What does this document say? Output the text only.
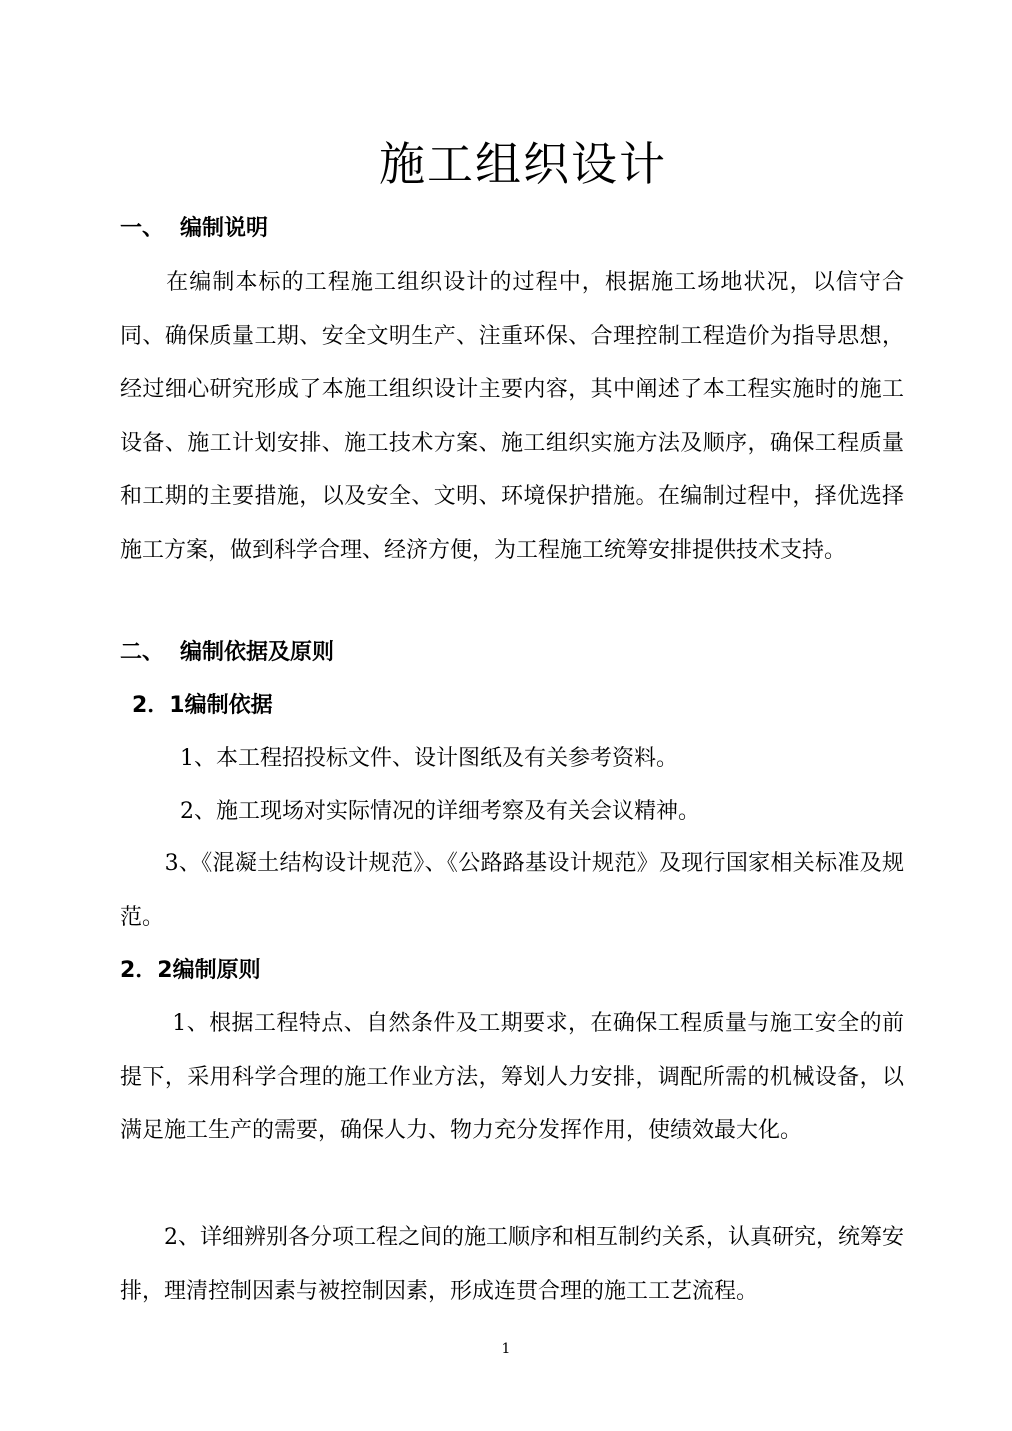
施工组织设计
一、 编制说明
　　在编制本标的工程施工组织设计的过程中，根据施工场地状况，以信守合同、确保质量工期、安全文明生产、注重环保、合理控制工程造价为指导思想，经过细心研究形成了本施工组织设计主要内容，其中阐述了本工程实施时的施工设备、施工计划安排、施工技术方案、施工组织实施方法及顺序，确保工程质量和工期的主要措施，以及安全、文明、环境保护措施。在编制过程中，择优选择施工方案，做到科学合理、经济方便，为工程施工统筹安排提供技术支持。
二、 编制依据及原则
2．1编制依据
1、本工程招投标文件、设计图纸及有关参考资料。
2、施工现场对实际情况的详细考察及有关会议精神。
　　3、《混凝土结构设计规范》、《公路路基设计规范》及现行国家相关标准及规范。
2．2编制原则
　　 1、根据工程特点、自然条件及工期要求，在确保工程质量与施工安全的前提下，采用科学合理的施工作业方法，筹划人力安排，调配所需的机械设备，以满足施工生产的需要，确保人力、物力充分发挥作用，使绩效最大化。
　　2、详细辨别各分项工程之间的施工顺序和相互制约关系，认真研究，统筹安排，理清控制因素与被控制因素，形成连贯合理的施工工艺流程。
1
